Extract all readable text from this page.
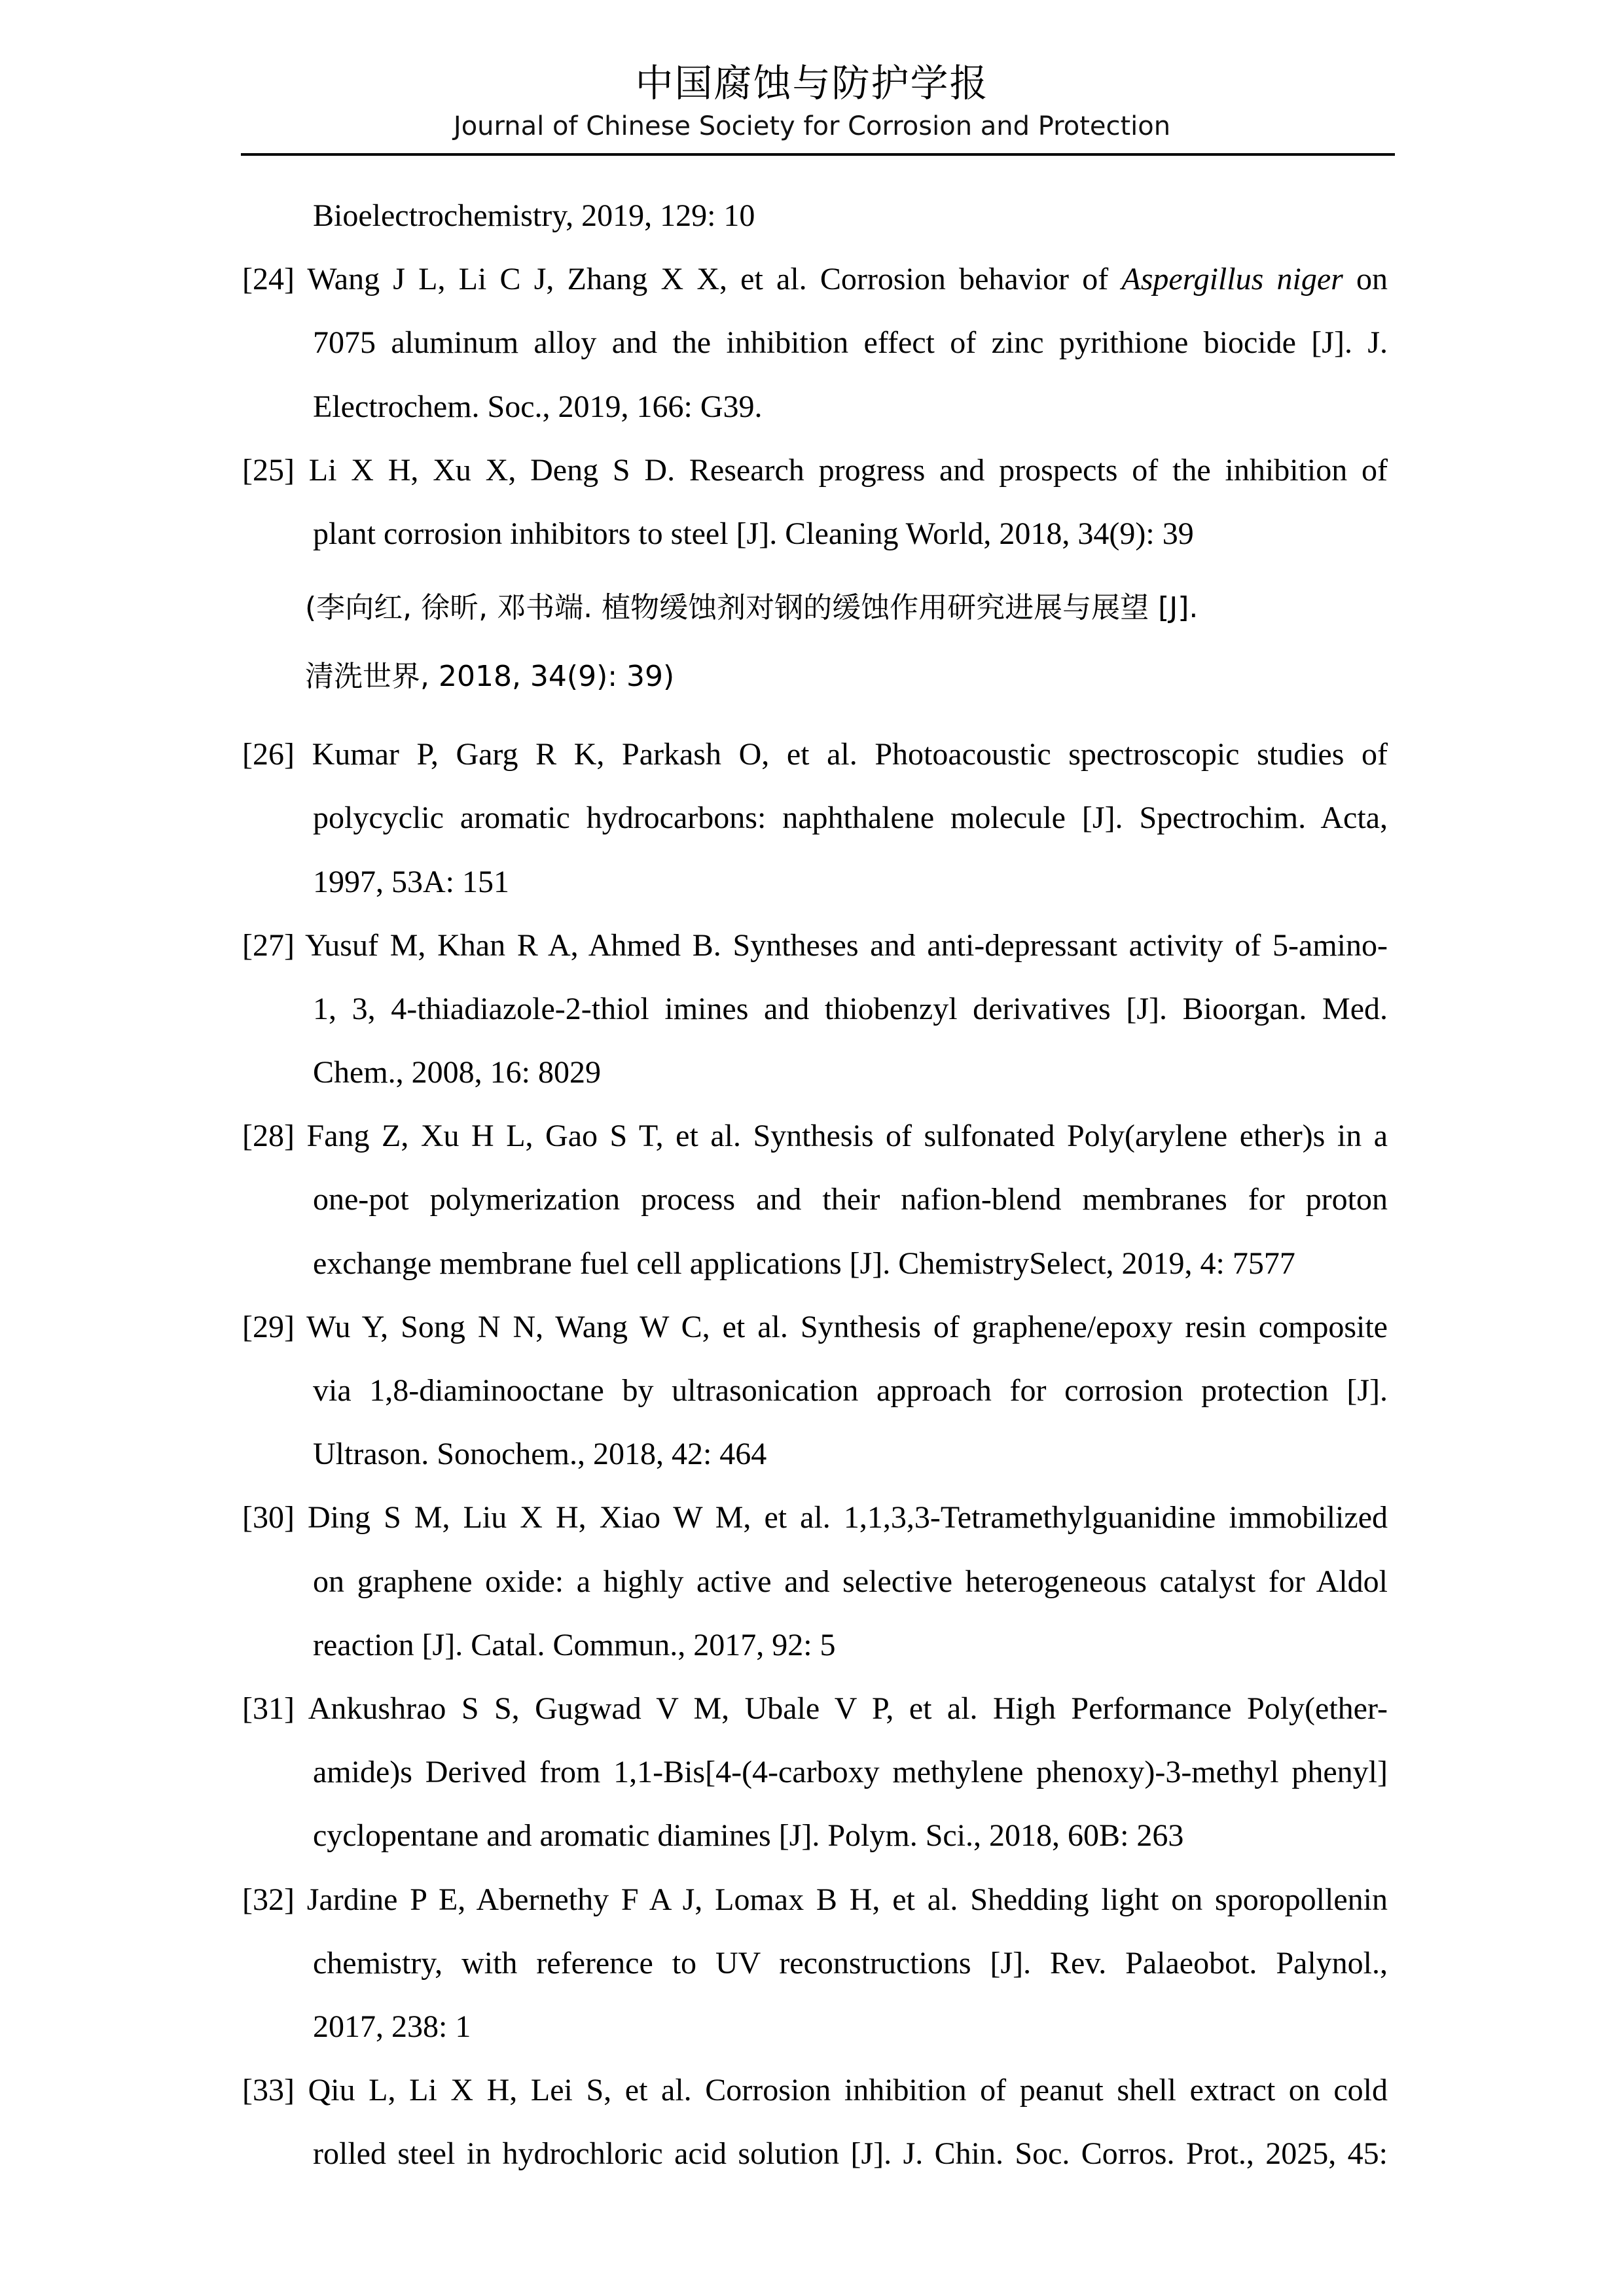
中国腐蚀与防护学报
Journal of Chinese Society for Corrosion and Protection
Bioelectrochemistry, 2019, 129: 10
[24] Wang J L, Li C J, Zhang X X, et al. Corrosion behavior of Aspergillus niger on
7075 aluminum alloy and the inhibition effect of zinc pyrithione biocide [J]. J.
Electrochem. Soc., 2019, 166: G39.
[25] Li X H, Xu X, Deng S D. Research progress and prospects of the inhibition of
plant corrosion inhibitors to steel [J]. Cleaning World, 2018, 34(9): 39
(李向红, 徐昕, 邓书端. 植物缓蚀剂对钢的缓蚀作用研究进展与展望 [J].
清洗世界, 2018, 34(9): 39)
[26] Kumar P, Garg R K, Parkash O, et al. Photoacoustic spectroscopic studies of
polycyclic aromatic hydrocarbons: naphthalene molecule [J]. Spectrochim. Acta,
1997, 53A: 151
[27] Yusuf M, Khan R A, Ahmed B. Syntheses and anti-depressant activity of 5-amino-
1, 3, 4-thiadiazole-2-thiol imines and thiobenzyl derivatives [J]. Bioorgan. Med.
Chem., 2008, 16: 8029
[28] Fang Z, Xu H L, Gao S T, et al. Synthesis of sulfonated Poly(arylene ether)s in a
one-pot polymerization process and their nafion-blend membranes for proton
exchange membrane fuel cell applications [J]. ChemistrySelect, 2019, 4: 7577
[29] Wu Y, Song N N, Wang W C, et al. Synthesis of graphene/epoxy resin composite
via 1,8-diaminooctane by ultrasonication approach for corrosion protection [J].
Ultrason. Sonochem., 2018, 42: 464
[30] Ding S M, Liu X H, Xiao W M, et al. 1,1,3,3-Tetramethylguanidine immobilized
on graphene oxide: a highly active and selective heterogeneous catalyst for Aldol
reaction [J]. Catal. Commun., 2017, 92: 5
[31] Ankushrao S S, Gugwad V M, Ubale V P, et al. High Performance Poly(ether-
amide)s Derived from 1,1-Bis[4-(4-carboxy methylene phenoxy)-3-methyl phenyl]
cyclopentane and aromatic diamines [J]. Polym. Sci., 2018, 60B: 263
[32] Jardine P E, Abernethy F A J, Lomax B H, et al. Shedding light on sporopollenin
chemistry, with reference to UV reconstructions [J]. Rev. Palaeobot. Palynol.,
2017, 238: 1
[33] Qiu L, Li X H, Lei S, et al. Corrosion inhibition of peanut shell extract on cold
rolled steel in hydrochloric acid solution [J]. J. Chin. Soc. Corros. Prot., 2025, 45:
